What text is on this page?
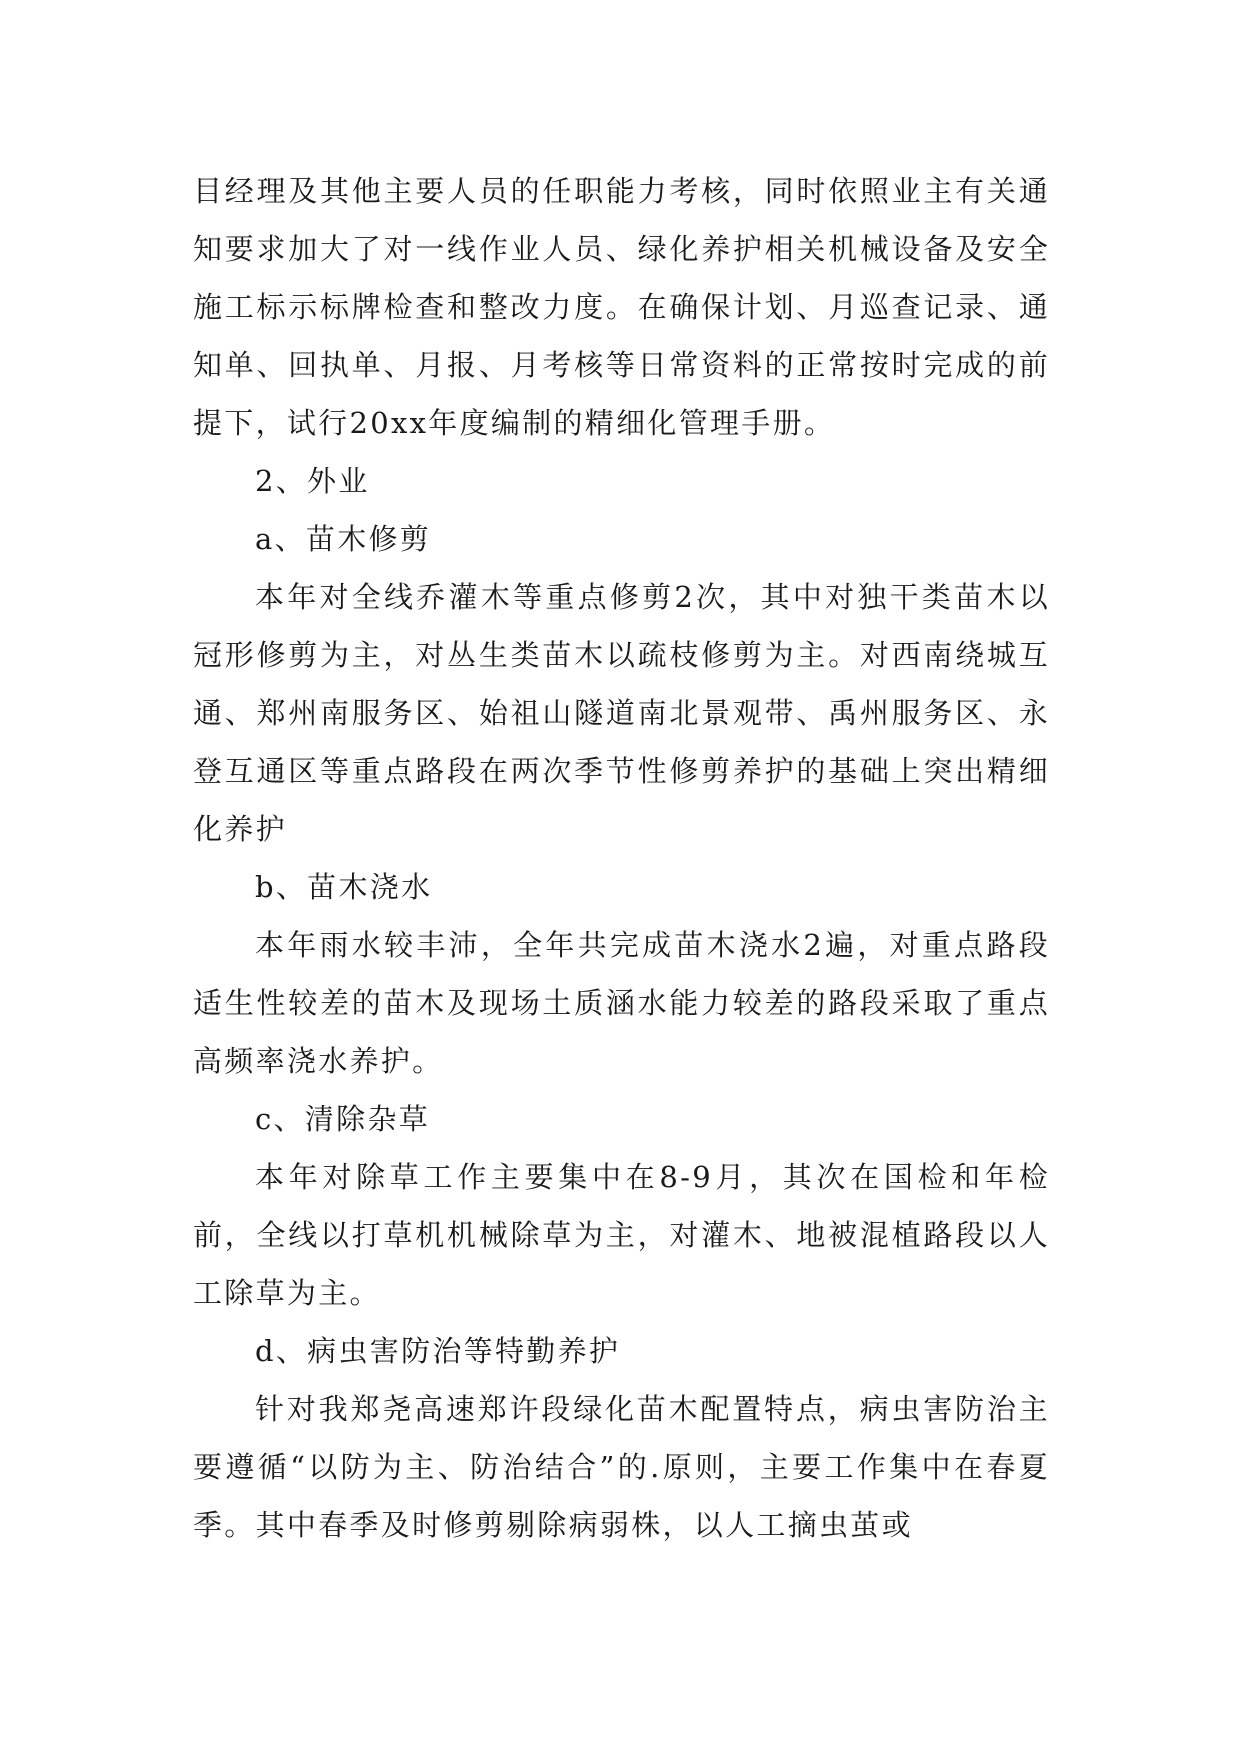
目经理及其他主要人员的任职能力考核，同时依照业主有关通知要求加大了对一线作业人员、绿化养护相关机械设备及安全施工标示标牌检查和整改力度。在确保计划、月巡查记录、通知单、回执单、月报、月考核等日常资料的正常按时完成的前提下，试行20xx年度编制的精细化管理手册。

2、外业

a、苗木修剪

本年对全线乔灌木等重点修剪2次，其中对独干类苗木以冠形修剪为主，对丛生类苗木以疏枝修剪为主。对西南绕城互通、郑州南服务区、始祖山隧道南北景观带、禹州服务区、永登互通区等重点路段在两次季节性修剪养护的基础上突出精细化养护

b、苗木浇水

本年雨水较丰沛，全年共完成苗木浇水2遍，对重点路段适生性较差的苗木及现场土质涵水能力较差的路段采取了重点高频率浇水养护。

c、清除杂草

本年对除草工作主要集中在8-9月，其次在国检和年检前，全线以打草机机械除草为主，对灌木、地被混植路段以人工除草为主。

d、病虫害防治等特勤养护

针对我郑尧高速郑许段绿化苗木配置特点，病虫害防治主要遵循“以防为主、防治结合”的.原则，主要工作集中在春夏季。其中春季及时修剪剔除病弱株，以人工摘虫茧或
